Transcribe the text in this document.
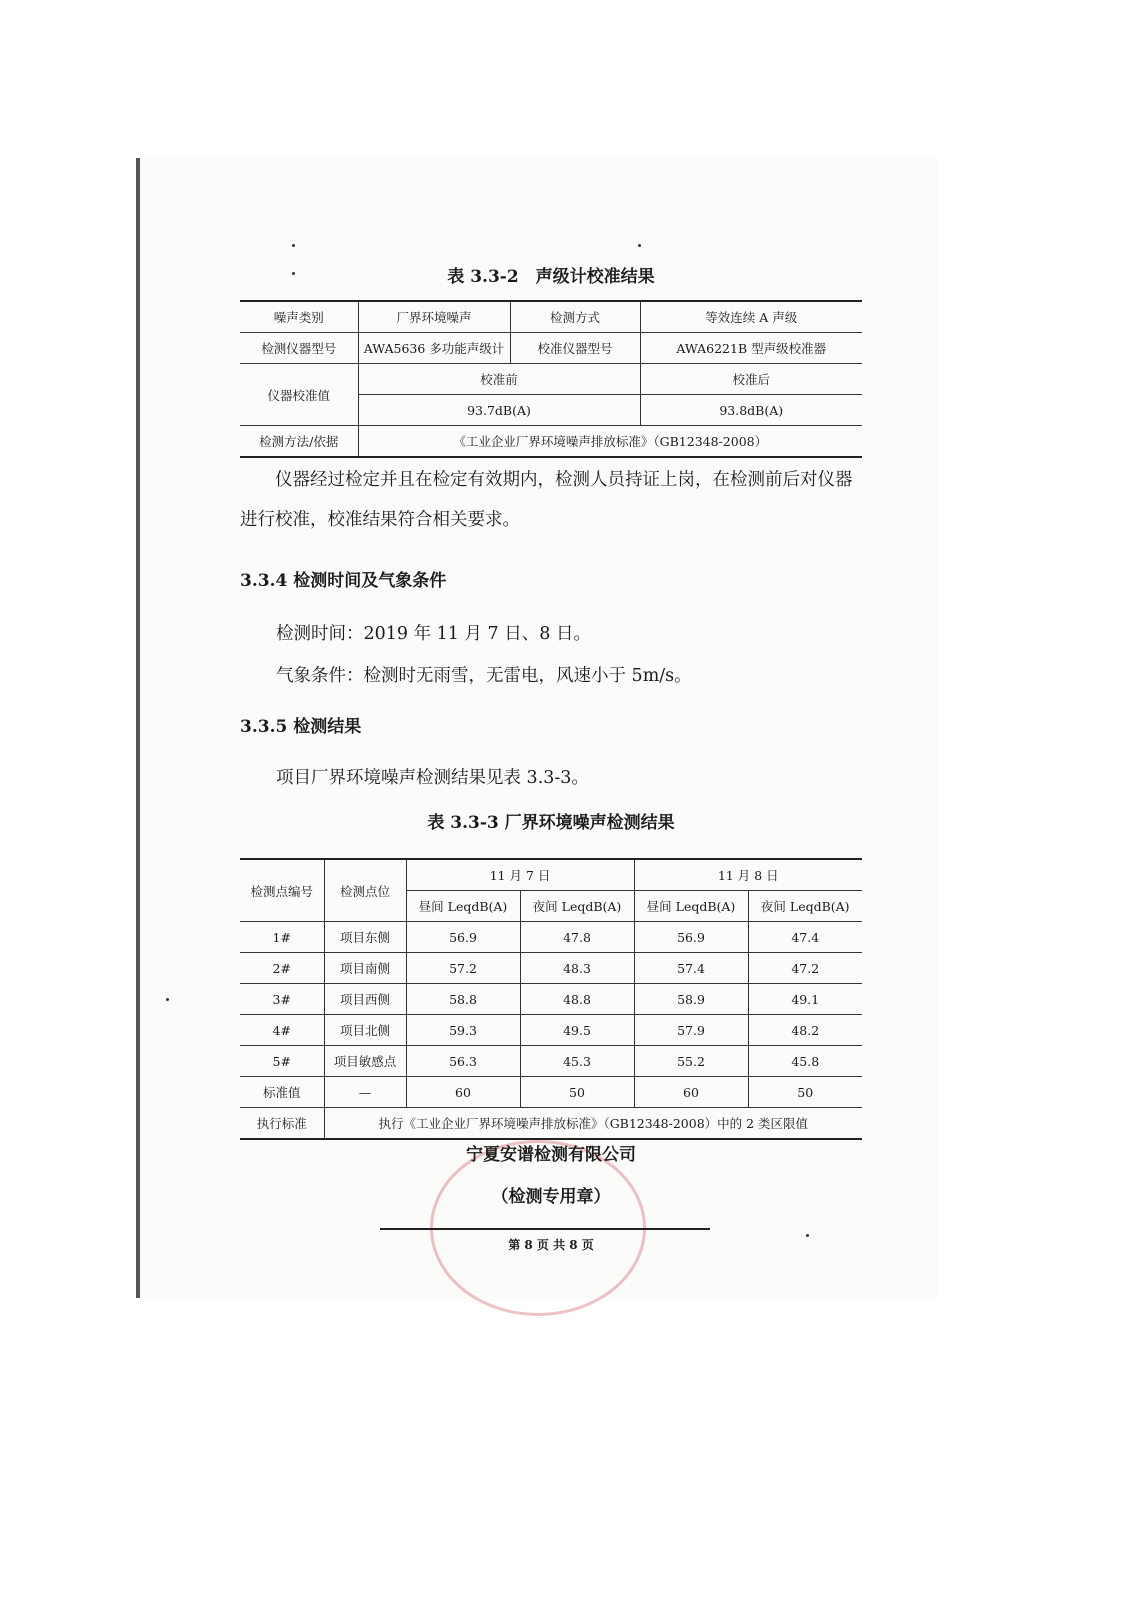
表 3.3-2　声级计校准结果
噪声类别	厂界环境噪声	检测方式	等效连续 A 声级
检测仪器型号	AWA5636 多功能声级计	校准仪器型号	AWA6221B 型声级校准器
仪器校准值	校准前		校准后
	93.7dB(A)		93.8dB(A)
检测方法/依据	《工业企业厂界环境噪声排放标准》（GB12348-2008）		

仪器经过检定并且在检定有效期内，检测人员持证上岗，在检测前后对仪器进行校准，校准结果符合相关要求。

3.3.4 检测时间及气象条件

检测时间：2019 年 11 月 7 日、8 日。

气象条件：检测时无雨雪，无雷电，风速小于 5m/s。

3.3.5 检测结果

项目厂界环境噪声检测结果见表 3.3-3。

表 3.3-3 厂界环境噪声检测结果
检测点编号	检测点位	11 月 7 日		11 月 8 日	
		昼间 LeqdB(A)	夜间 LeqdB(A)	昼间 LeqdB(A)	夜间 LeqdB(A)
1#	项目东侧	56.9	47.8	56.9	47.4
2#	项目南侧	57.2	48.3	57.4	47.2
3#	项目西侧	58.8	48.8	58.9	49.1
4#	项目北侧	59.3	49.5	57.9	48.2
5#	项目敏感点	56.3	45.3	55.2	45.8
标准值	—	60	50	60	50
执行标准	执行《工业企业厂界环境噪声排放标准》（GB12348-2008）中的 2 类区限值				
宁夏安谱检测有限公司
（检测专用章）
第 8 页 共 8 页
